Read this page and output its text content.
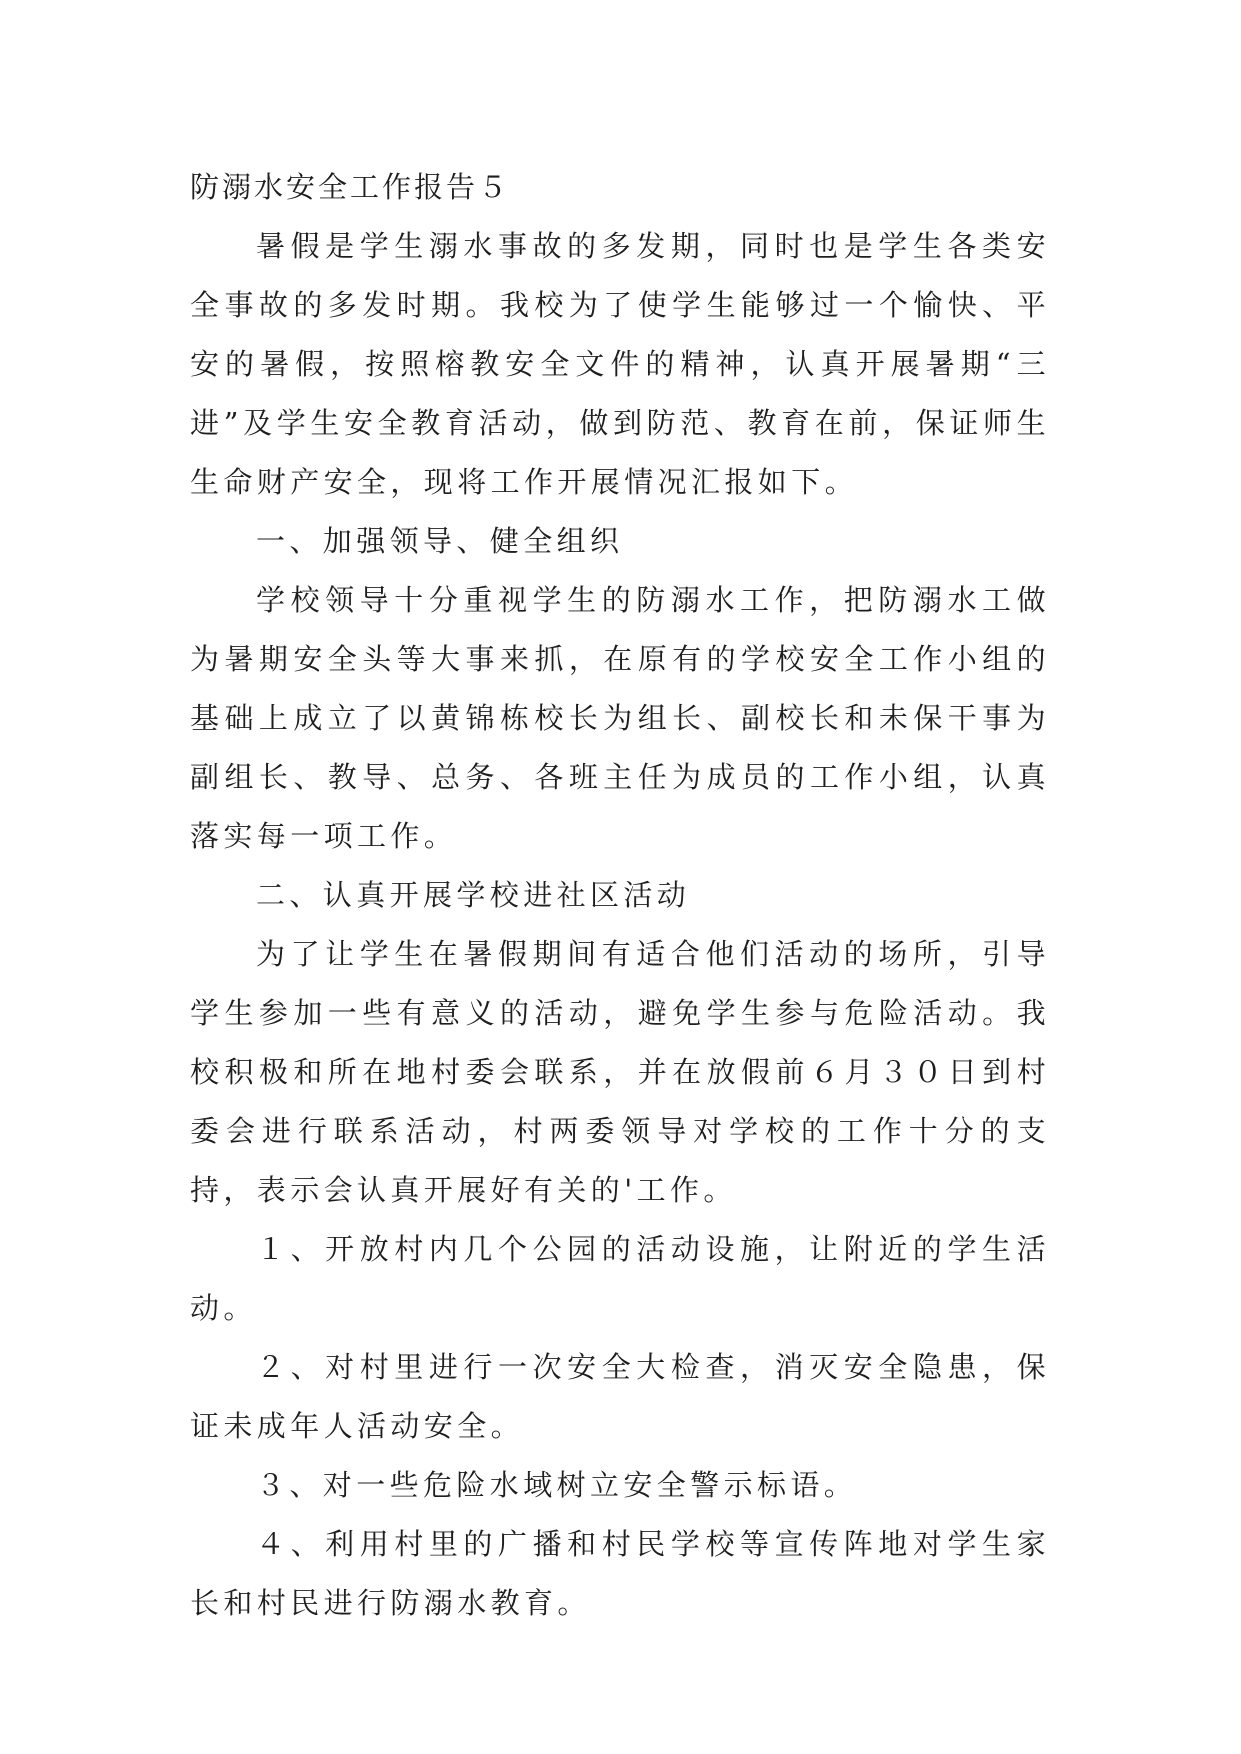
防溺水安全工作报告５

暑假是学生溺水事故的多发期，同时也是学生各类安全事故的多发时期。我校为了使学生能够过一个愉快、平安的暑假，按照榕教安全文件的精神，认真开展暑期“三进”及学生安全教育活动，做到防范、教育在前，保证师生生命财产安全，现将工作开展情况汇报如下。

一、加强领导、健全组织

学校领导十分重视学生的防溺水工作，把防溺水工做为暑期安全头等大事来抓，在原有的学校安全工作小组的基础上成立了以黄锦栋校长为组长、副校长和未保干事为副组长、教导、总务、各班主任为成员的工作小组，认真落实每一项工作。

二、认真开展学校进社区活动

为了让学生在暑假期间有适合他们活动的场所，引导学生参加一些有意义的活动，避免学生参与危险活动。我校积极和所在地村委会联系，并在放假前６月３０日到村委会进行联系活动，村两委领导对学校的工作十分的支持，表示会认真开展好有关的'工作。

１、开放村内几个公园的活动设施，让附近的学生活动。

２、对村里进行一次安全大检查，消灭安全隐患，保证未成年人活动安全。

３、对一些危险水域树立安全警示标语。

４、利用村里的广播和村民学校等宣传阵地对学生家长和村民进行防溺水教育。
